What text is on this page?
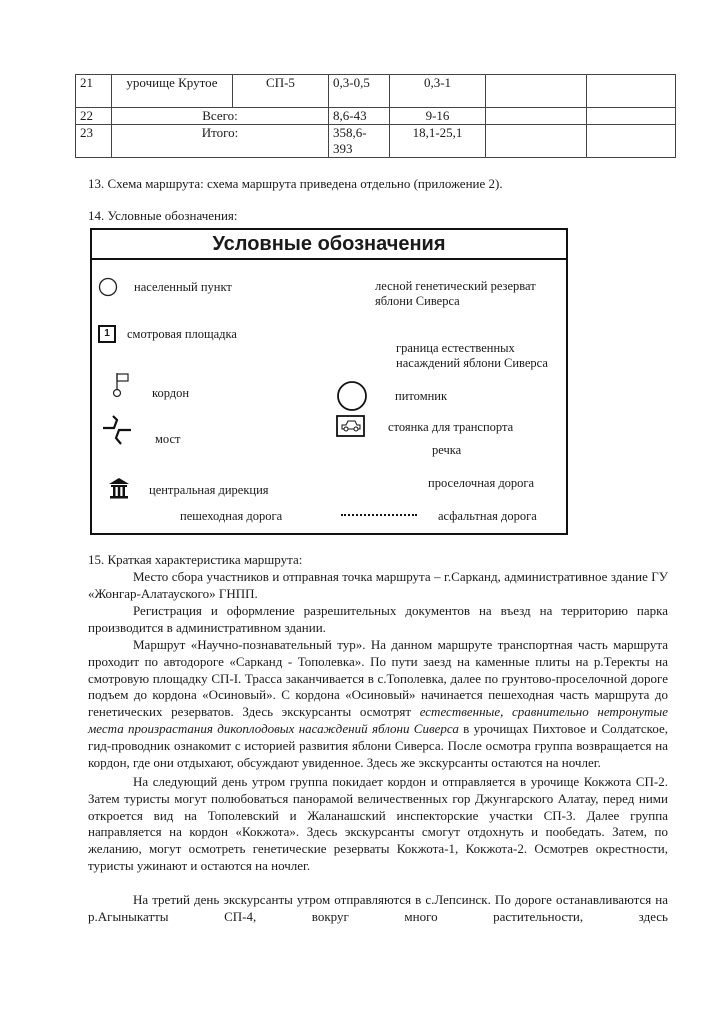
21	урочище Крутое	СП-5	0,3-0,5	0,3-1		
22	Всего:		8,6-43	9-16		
23	Итого:		358,6-393	18,1-25,1		
13. Схема маршрута: схема маршрута приведена отдельно (приложение 2).
14. Условные обозначения:
Условные обозначения
населенный пункт	лесной генетический резерват яблони Сиверса
1	смотровая площадка
граница естественных насаждений яблони Сиверса
кордон	питомник
мост
стоянка для транспорта
речка
центральная дирекция	проселочная дорога
пешеходная дорога	асфальтная дорога
15. Краткая характеристика маршрута:
Место сбора участников и отправная точка маршрута – г.Сарканд, административное здание ГУ «Жонгар-Алатауского» ГНПП.
Регистрация и оформление разрешительных документов на въезд на территорию парка производится в административном здании.
Маршрут «Научно-познавательный тур». На данном маршруте транспортная часть маршрута проходит по автодороге «Сарканд - Тополевка». По пути заезд на каменные плиты на р.Теректы на смотровую площадку СП-I. Трасса заканчивается в с.Тополевка, далее по грунтово-проселочной дороге подъем до кордона «Осиновый». С кордона «Осиновый» начинается пешеходная часть маршрута до генетических резерватов. Здесь экскурсанты осмотрят естественные, сравнительно нетронутые места произрастания дикоплодовых насаждений яблони Сиверса в урочищах Пихтовое и Солдатское, гид-проводник ознакомит с историей развития яблони Сиверса. После осмотра группа возвращается на кордон, где они отдыхают, обсуждают увиденное. Здесь же экскурсанты остаются на ночлег.
На следующий день утром группа покидает кордон и отправляется в урочище Кокжота СП-2. Затем туристы могут полюбоваться панорамой величественных гор Джунгарского Алатау, перед ними откроется вид на Тополевский и Жаланашский инспекторские участки СП-3. Далее группа направляется на кордон «Кокжота». Здесь экскурсанты смогут отдохнуть и пообедать. Затем, по желанию, могут осмотреть генетические резерваты Кокжота-1, Кокжота-2. Осмотрев окрестности, туристы ужинают и остаются на ночлег.
На третий день экскурсанты утром отправляются в с.Лепсинск. По дороге останавливаются на р.Агыныкатты СП-4, вокруг много растительности, здесь
